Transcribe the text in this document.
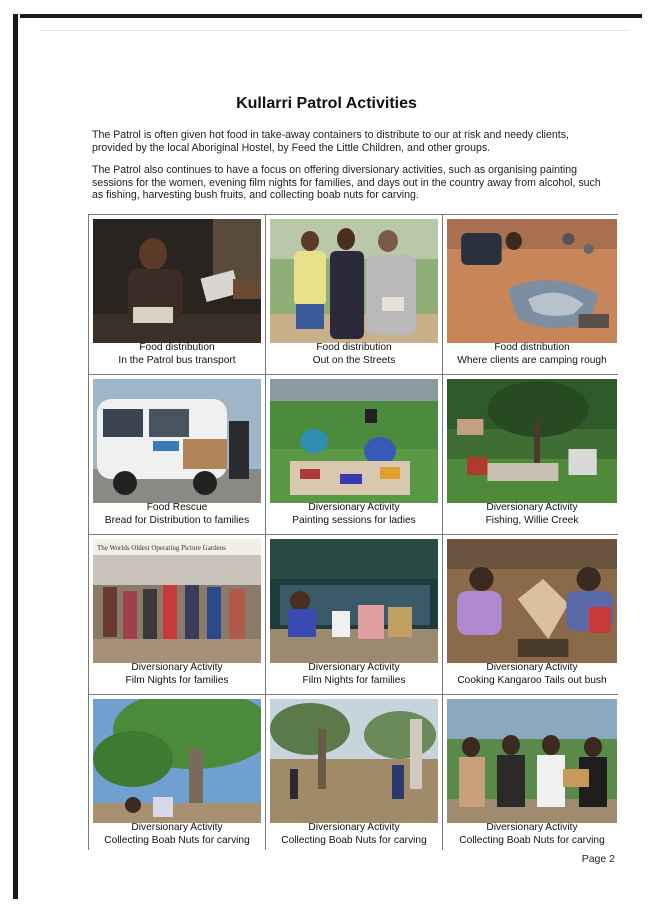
Kullarri Patrol Activities
The Patrol is often given hot food in take-away containers to distribute to our at risk and needy clients, provided by the local Aboriginal Hostel, by Feed the Little Children, and other groups.
The Patrol also continues to have a focus on offering diversionary activities, such as organising painting sessions for the women, evening film nights for families, and days out in the country away from alcohol, such as fishing, harvesting bush fruits, and collecting boab nuts for carving.
Food distribution
In the Patrol bus transport
Food distribution
Out on the Streets
Food distribution
Where clients are camping rough
Food Rescue
Bread for Distribution to families
Diversionary Activity
Painting sessions for ladies
Diversionary Activity
Fishing, Willie Creek
The Worlds Oldest Operating Picture Gardens
Diversionary Activity
Film Nights for families
Diversionary Activity
Film Nights for families
Diversionary Activity
Cooking Kangaroo Tails out bush
Diversionary Activity
Collecting Boab Nuts for carving
Diversionary Activity
Collecting Boab Nuts for carving
Diversionary Activity
Collecting Boab Nuts for carving
Page 2
